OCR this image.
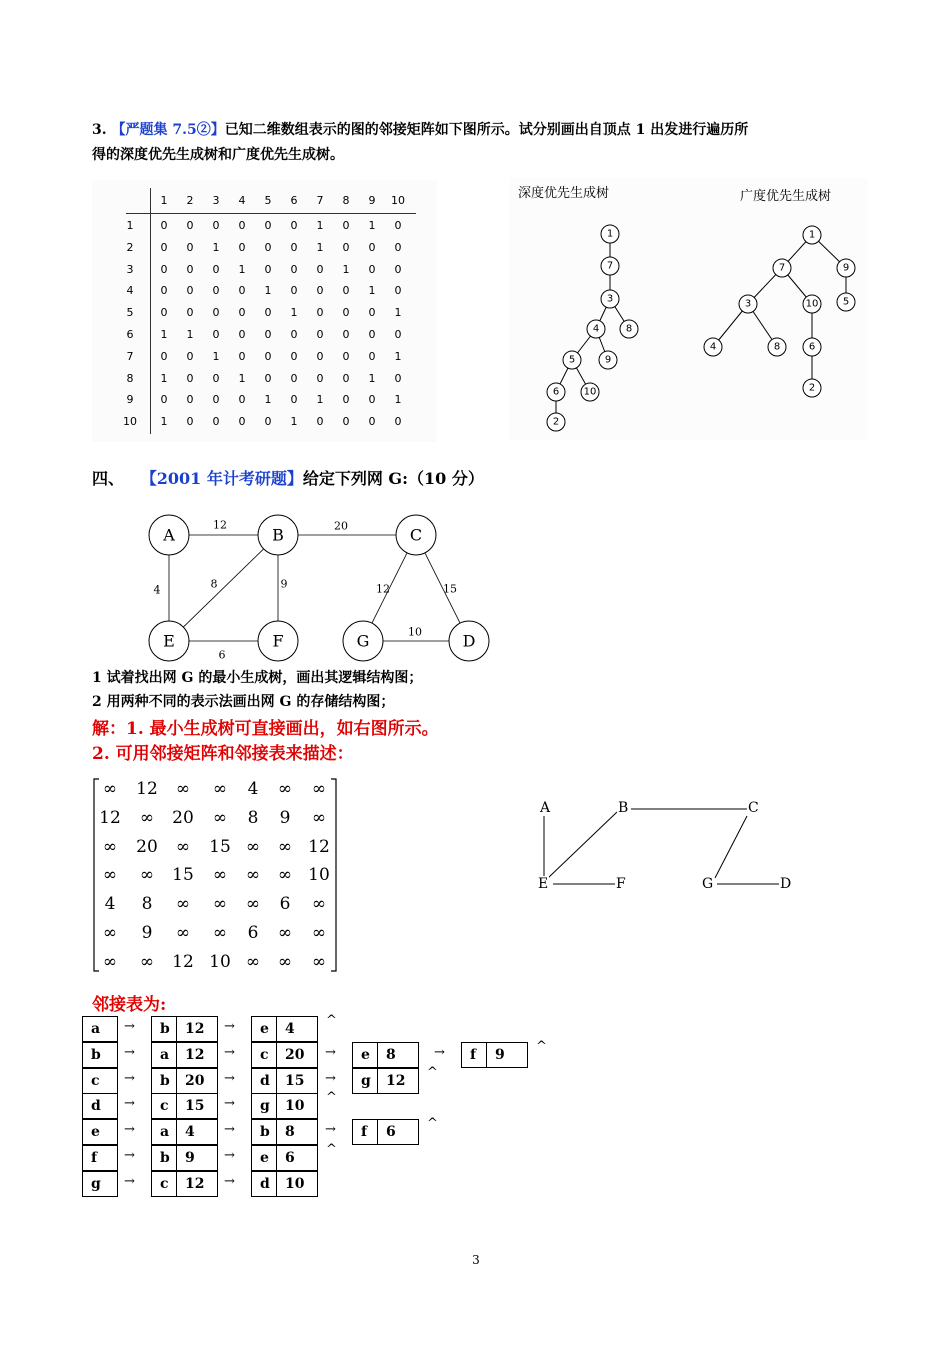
3. 【严题集 7.5②】已知二维数组表示的图的邻接矩阵如下图所示。试分别画出自顶点 1 出发进行遍历所
得的深度优先生成树和广度优先生成树。
1	2	3	4	5	6	7	8	9	10
1	0	0	0	0	0	0	1	0	1	0
2	0	0	1	0	0	0	1	0	0	0
3	0	0	0	1	0	0	0	1	0	0
4	0	0	0	0	1	0	0	0	1	0
5	0	0	0	0	0	1	0	0	0	1
6	1	1	0	0	0	0	0	0	0	0
7	0	0	1	0	0	0	0	0	0	1
8	1	0	0	1	0	0	0	0	1	0
9	0	0	0	0	1	0	1	0	0	1
10	1	0	0	0	0	1	0	0	0	0
深度优先生成树	广度优先生成树
1
7
3
4	8
5	9
6 10
2
1
7	9
3	10 5
4	8	6
2
四、 【2001 年计考研题】给定下列网 G:（10 分）
12	20
4	8	9	12	15
6
10
A	B	C
E	F	G	D
1 试着找出网 G 的最小生成树，画出其逻辑结构图；
2 用两种不同的表示法画出网 G 的存储结构图；
解：1. 最小生成树可直接画出，如右图所示。
2. 可用邻接矩阵和邻接表来描述：
∞	12	∞	∞	4	∞	∞
12	∞	20	∞	8	9	∞
∞	20	∞	15 ∞	∞ 12
∞	∞	15	∞	∞	∞ 10
4	8	∞	∞	∞	6	∞
∞	9	∞	∞	6	∞	∞
∞	∞	12 10 ∞	∞	∞
A	B	C
E	F	G	D
邻接表为:
a →	b	12	→	e	4
^
b →	a	12	→	c	20	→	e	8	→	f	9
^
c →	b	20	→	d	15	→	g	12
^
d →	c	15	→	g	10
^
e →	a	4	→	b	8	→	f	6
^
f →	b	9	→	e	6
^
g →	c	12	→	d	10
3
